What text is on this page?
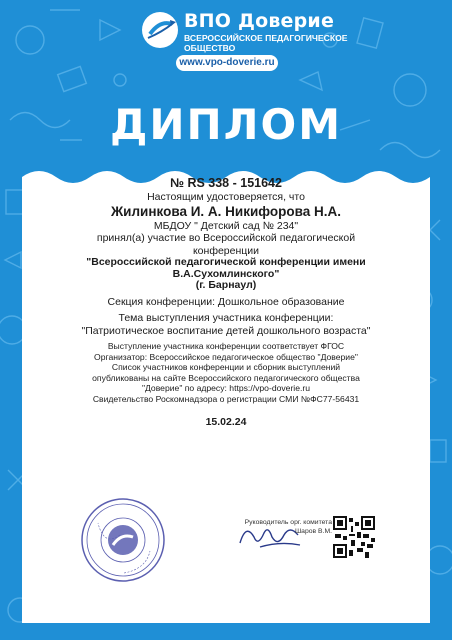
ВПО Доверие
ВСЕРОССИЙСКОЕ ПЕДАГОГИЧЕСКОЕ
ОБЩЕСТВО
www.vpo-doverie.ru
ДИПЛОМ
№ RS 338 - 151642
Настоящим удостоверяется, что
Жилинкова И. А. Никифорова Н.А.
МБДОУ " Детский сад № 234"
принял(а) участие во Всероссийской педагогической
конференции
"Всероссийской педагогической конференции имени
В.А.Сухомлинского"
(г. Барнаул)
Секция конференции: Дошкольное образование
Тема выступления участника конференции:
"Патриотическое воспитание детей дошкольного возраста"
Выступление участника конференции соответствует ФГОС
Организатор: Всероссийское педагогическое общество "Доверие"
Список участников конференции и сборник выступлений
опубликованы на сайте Всероссийского педагогического общества
"Доверие" по адресу: https://vpo-doverie.ru
Свидетельство Роскомнадзора о регистрации СМИ №ФС77-56431
15.02.24
Руководитель орг. комитета
Шаров В.М.
